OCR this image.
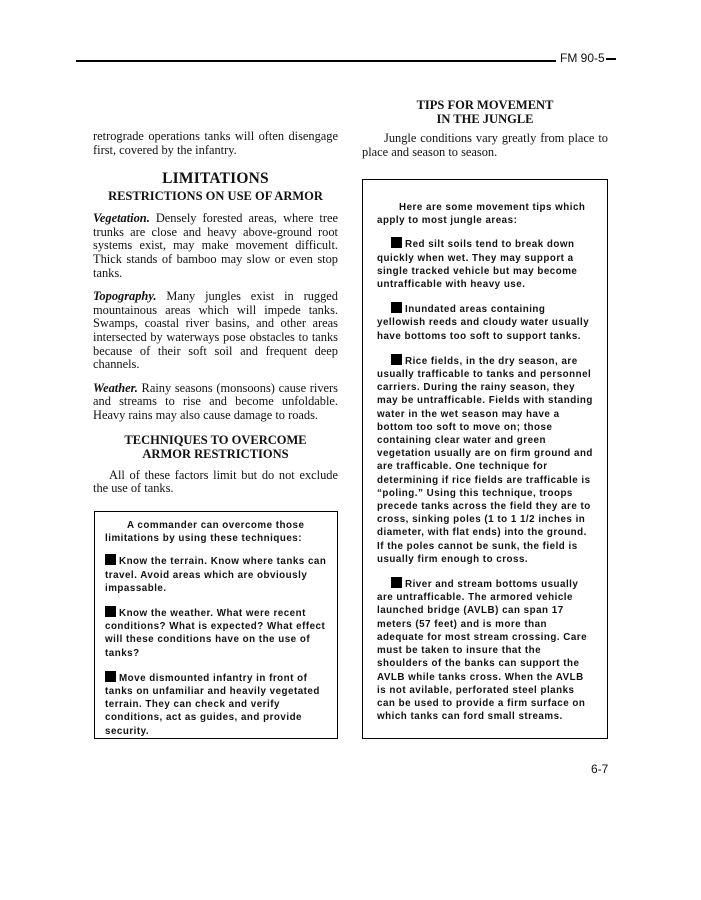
FM 90-5

retrograde operations tanks will often disengage first, covered by the infantry.

LIMITATIONS
RESTRICTIONS ON USE OF ARMOR

Vegetation. Densely forested areas, where tree trunks are close and heavy above-ground root systems exist, may make movement difficult. Thick stands of bamboo may slow or even stop tanks.

Topography. Many jungles exist in rugged mountainous areas which will impede tanks. Swamps, coastal river basins, and other areas intersected by waterways pose obstacles to tanks because of their soft soil and frequent deep channels.

Weather. Rainy seasons (monsoons) cause rivers and streams to rise and become unfoldable. Heavy rains may also cause damage to roads.

TECHNIQUES TO OVERCOME
ARMOR RESTRICTIONS

All of these factors limit but do not exclude the use of tanks.

A commander can overcome those limitations by using these techniques:

Know the terrain. Know where tanks can travel. Avoid areas which are obviously impassable.

Know the weather. What were recent conditions? What is expected? What effect will these conditions have on the use of tanks?

Move dismounted infantry in front of tanks on unfamiliar and heavily vegetated terrain. They can check and verify conditions, act as guides, and provide security.

TIPS FOR MOVEMENT
IN THE JUNGLE

Jungle conditions vary greatly from place to place and season to season.

Here are some movement tips which apply to most jungle areas:

Red silt soils tend to break down quickly when wet. They may support a single tracked vehicle but may become untrafficable with heavy use.

Inundated areas containing yellowish reeds and cloudy water usually have bottoms too soft to support tanks.

Rice fields, in the dry season, are usually trafficable to tanks and personnel carriers. During the rainy season, they may be untrafficable. Fields with standing water in the wet season may have a bottom too soft to move on; those containing clear water and green vegetation usually are on firm ground and are trafficable. One technique for determining if rice fields are trafficable is “poling.” Using this technique, troops precede tanks across the field they are to cross, sinking poles (1 to 1 1/2 inches in diameter, with flat ends) into the ground. If the poles cannot be sunk, the field is usually firm enough to cross.

River and stream bottoms usually are untrafficable. The armored vehicle launched bridge (AVLB) can span 17 meters (57 feet) and is more than adequate for most stream crossing. Care must be taken to insure that the shoulders of the banks can support the AVLB while tanks cross. When the AVLB is not avilable, perforated steel planks can be used to provide a firm surface on which tanks can ford small streams.

6-7
